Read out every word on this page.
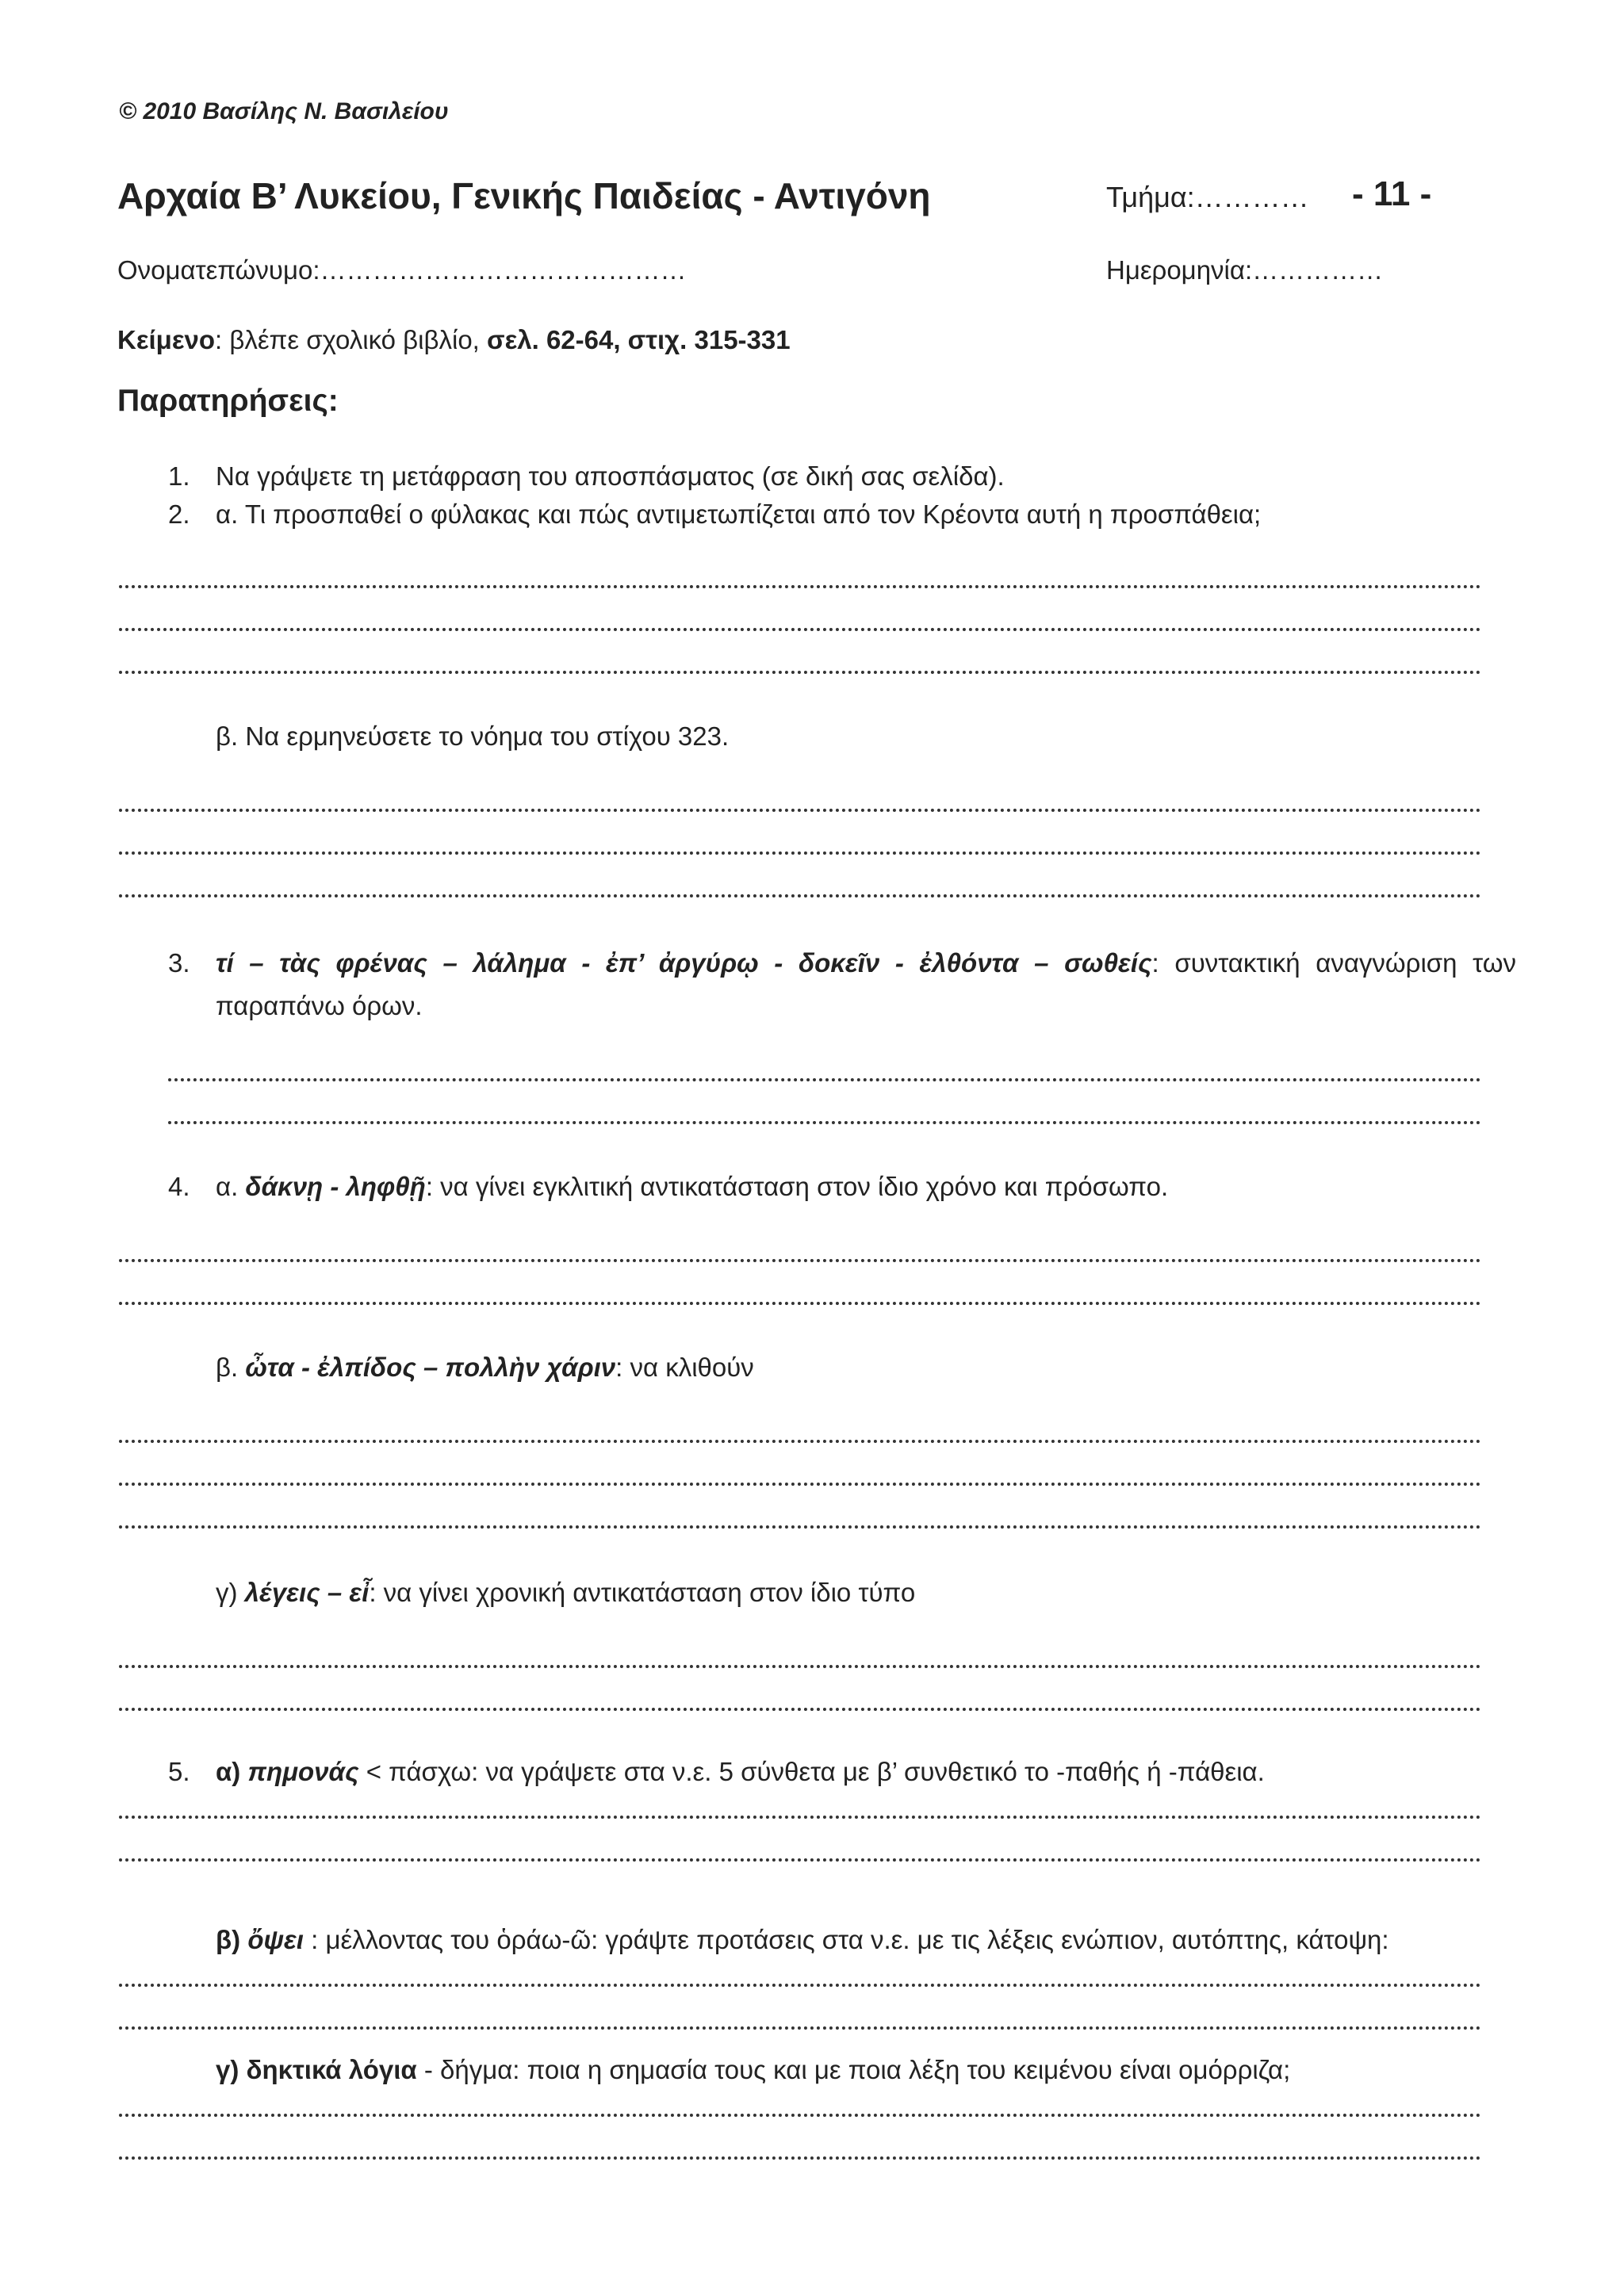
© 2010 Βασίλης Ν. Βασιλείου
Αρχαία Β’ Λυκείου, Γενικής Παιδείας - Αντιγόνη	Τμήμα:………… - 11 -
Ονοματεπώνυμο:……………………………………	Ημερομηνία:……………
Κείμενο: βλέπε σχολικό βιβλίο, σελ. 62-64, στιχ. 315-331
Παρατηρήσεις:
1. Να γράψετε τη μετάφραση του αποσπάσματος (σε δική σας σελίδα).
2. α. Τι προσπαθεί ο φύλακας και πώς αντιμετωπίζεται από τον Κρέοντα αυτή η προσπάθεια;
β. Να ερμηνεύσετε το νόημα του στίχου 323.
3. τί – τὰς φρένας – λάλημα - ἐπ’ ἀργύρῳ - δοκεῖν - ἐλθόντα – σωθείς: συντακτική αναγνώριση των
παραπάνω όρων.
4. α. δάκνῃ - ληφθῇ: να γίνει εγκλιτική αντικατάσταση στον ίδιο χρόνο και πρόσωπο.
β. ὦτα - ἐλπίδος – πολλὴν χάριν: να κλιθούν
γ) λέγεις – εἶ: να γίνει χρονική αντικατάσταση στον ίδιο τύπο
5. α) πημονάς < πάσχω: να γράψετε στα ν.ε. 5 σύνθετα με β’ συνθετικό το -παθής ή -πάθεια.
β) ὄψει : μέλλοντας του ὁράω-ῶ: γράψτε προτάσεις στα ν.ε. με τις λέξεις ενώπιον, αυτόπτης, κάτοψη:
γ) δηκτικά λόγια - δήγμα: ποια η σημασία τους και με ποια λέξη του κειμένου είναι ομόρριζα;
